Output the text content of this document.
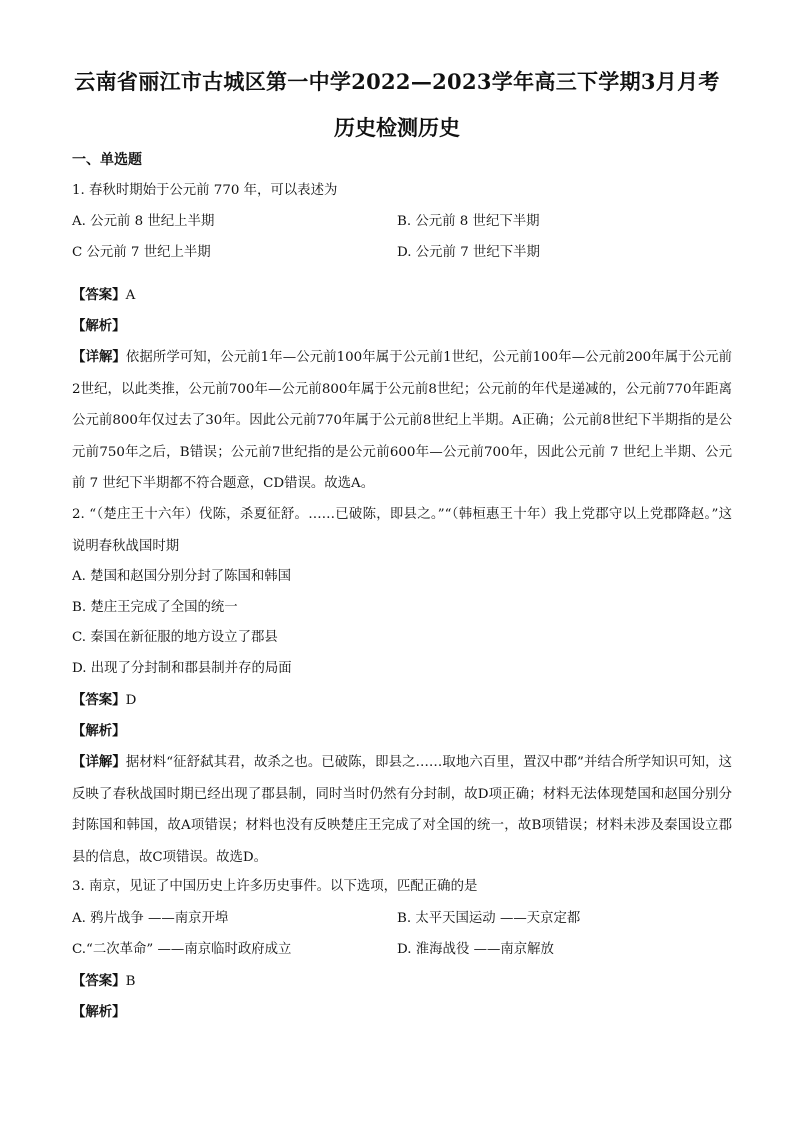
云南省丽江市古城区第一中学2022—2023学年高三下学期3月月考
历史检测历史
一、单选题
1. 春秋时期始于公元前 770 年，可以表述为
A. 公元前 8 世纪上半期	B. 公元前 8 世纪下半期
C 公元前 7 世纪上半期	D. 公元前 7 世纪下半期
【答案】A
【解析】
【详解】依据所学可知，公元前1年—公元前100年属于公元前1世纪，公元前100年—公元前200年属于公元前2世纪，以此类推，公元前700年—公元前800年属于公元前8世纪；公元前的年代是递减的，公元前770年距离公元前800年仅过去了30年。因此公元前770年属于公元前8世纪上半期。A正确；公元前8世纪下半期指的是公元前750年之后，B错误；公元前7世纪指的是公元前600年—公元前700年，因此公元前 7 世纪上半期、公元前 7 世纪下半期都不符合题意，CD错误。故选A。
2. “（楚庄王十六年）伐陈，杀夏征舒。……已破陈，即县之。”“（韩桓惠王十年）我上党郡守以上党郡降赵。”这说明春秋战国时期
A. 楚国和赵国分别分封了陈国和韩国
B. 楚庄王完成了全国的统一
C. 秦国在新征服的地方设立了郡县
D. 出现了分封制和郡县制并存的局面
【答案】D
【解析】
【详解】据材料“征舒弑其君，故杀之也。已破陈，即县之……取地六百里，置汉中郡”并结合所学知识可知，这反映了春秋战国时期已经出现了郡县制，同时当时仍然有分封制，故D项正确；材料无法体现楚国和赵国分别分封陈国和韩国，故A项错误；材料也没有反映楚庄王完成了对全国的统一，故B项错误；材料未涉及秦国设立郡县的信息，故C项错误。故选D。
3. 南京，见证了中国历史上许多历史事件。以下选项，匹配正确的是
A. 鸦片战争 ——南京开埠	B. 太平天国运动 ——天京定都
C.“二次革命” ——南京临时政府成立	D. 淮海战役 ——南京解放
【答案】B
【解析】
